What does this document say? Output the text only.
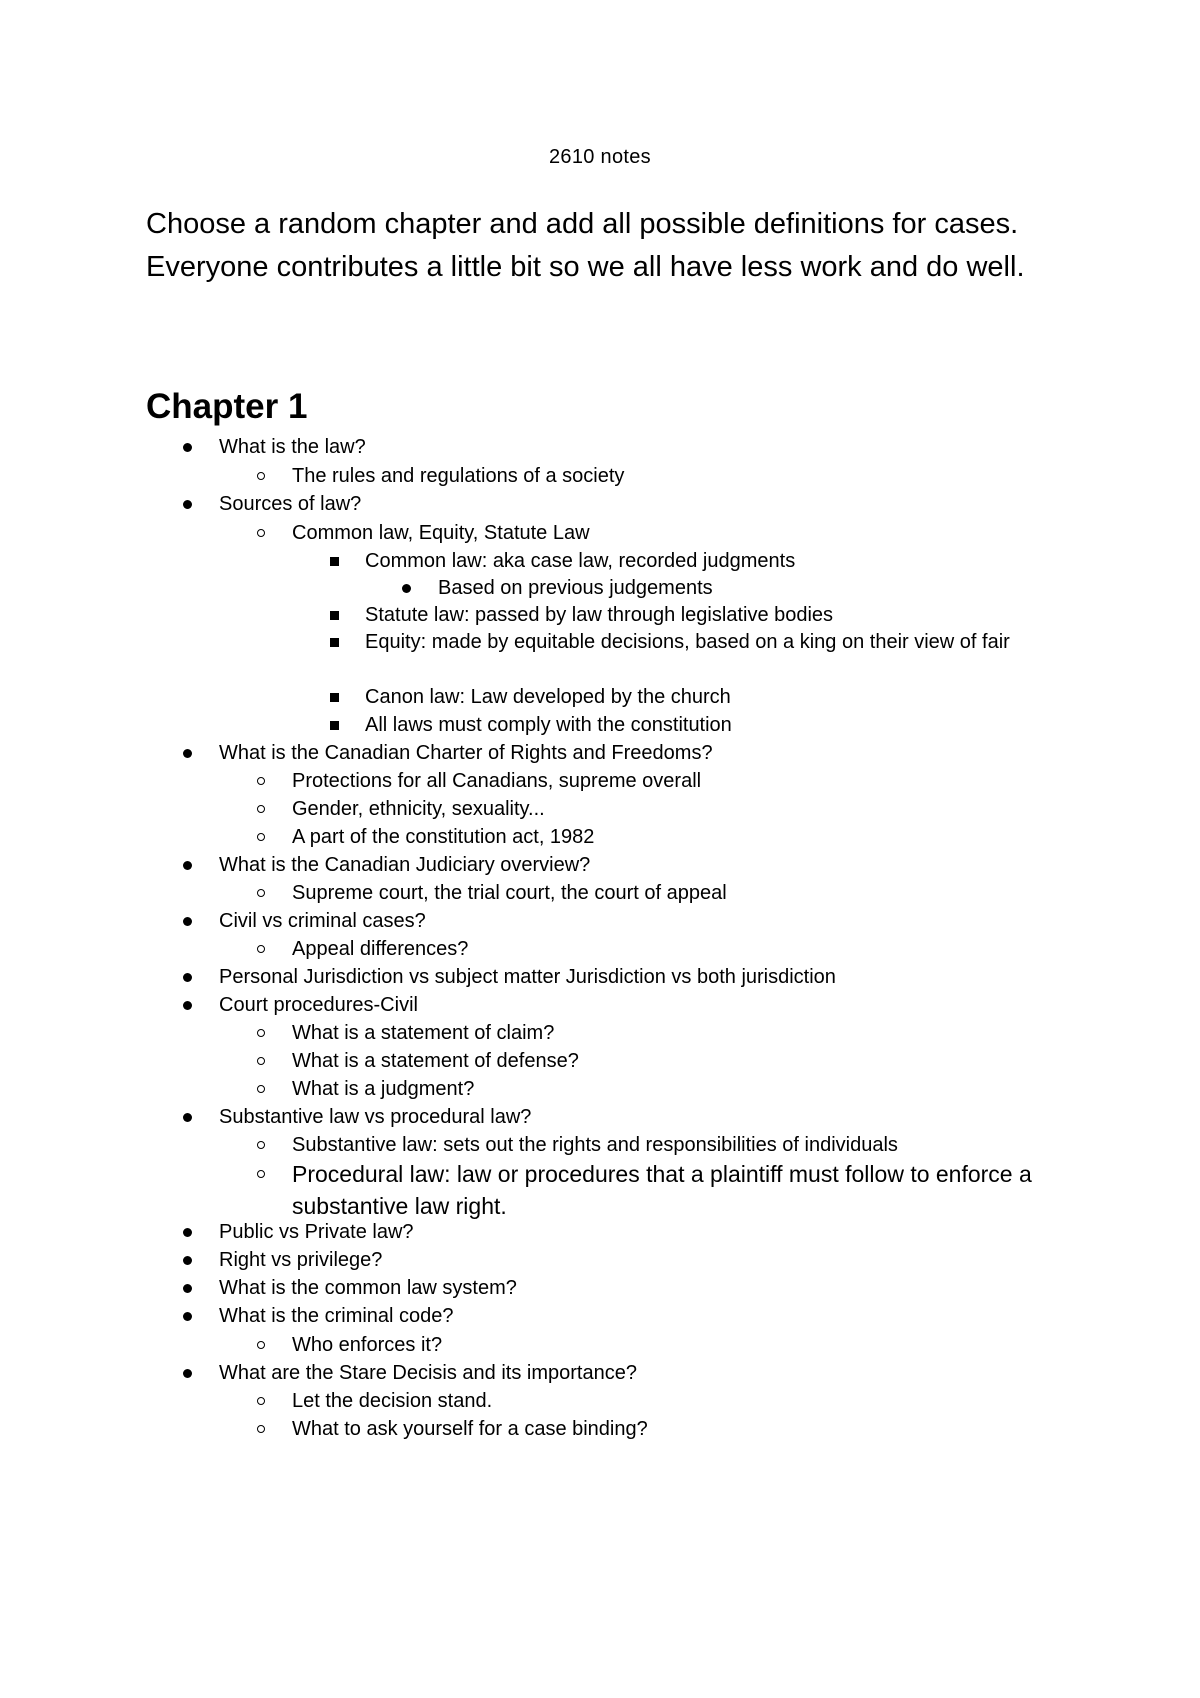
2610 notes
Choose a random chapter and add all possible definitions for cases. Everyone contributes a little bit so we all have less work and do well.
Chapter 1
What is the law?
The rules and regulations of a society
Sources of law?
Common law, Equity, Statute Law
Common law: aka case law, recorded judgments
Based on previous judgements
Statute law: passed by law through legislative bodies
Equity: made by equitable decisions, based on a king on their view of fair
Canon law: Law developed by the church
All laws must comply with the constitution
What is the Canadian Charter of Rights and Freedoms?
Protections for all Canadians, supreme overall
Gender, ethnicity, sexuality...
A part of the constitution act, 1982
What is the Canadian Judiciary overview?
Supreme court, the trial court, the court of appeal
Civil vs criminal cases?
Appeal differences?
Personal Jurisdiction vs subject matter Jurisdiction vs both jurisdiction
Court procedures-Civil
What is a statement of claim?
What is a statement of defense?
What is a judgment?
Substantive law vs procedural law?
Substantive law: sets out the rights and responsibilities of individuals
Procedural law: law or procedures that a plaintiff must follow to enforce a substantive law right.
Public vs Private law?
Right vs privilege?
What is the common law system?
What is the criminal code?
Who enforces it?
What are the Stare Decisis and its importance?
Let the decision stand.
What to ask yourself for a case binding?
